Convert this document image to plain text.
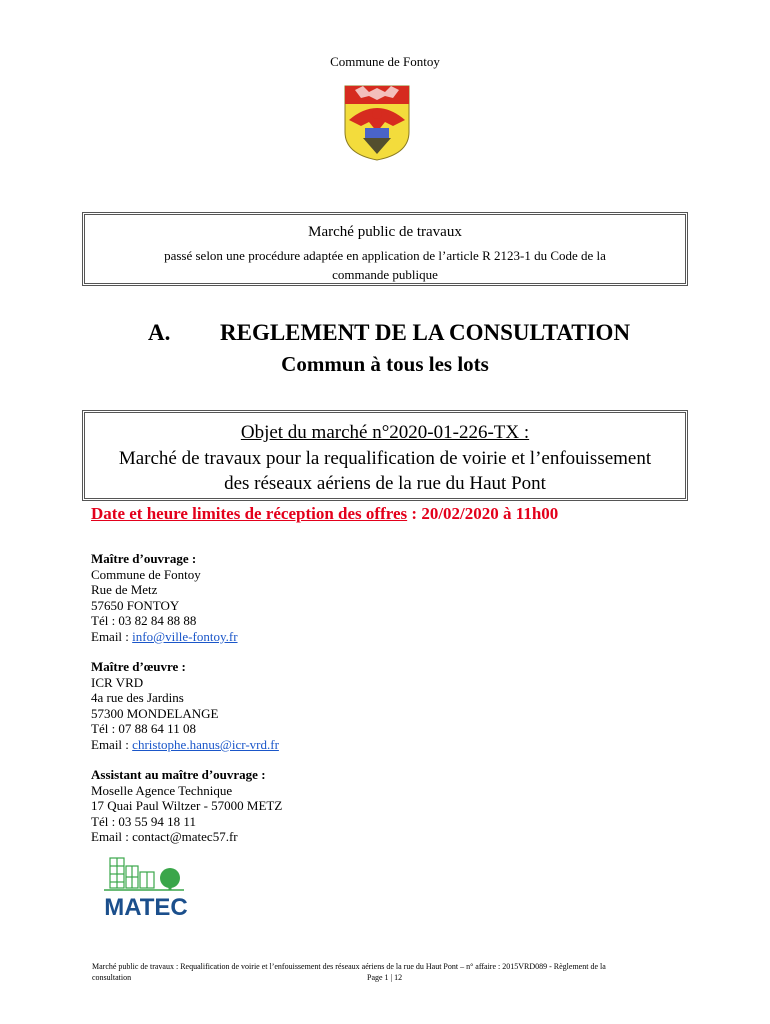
Commune de Fontoy
Marché public de travaux
passé selon une procédure adaptée en application de l’article R 2123-1 du Code de la
commande publique
A. REGLEMENT DE LA CONSULTATION
Commun à tous les lots
Objet du marché n°2020-01-226-TX :
Marché de travaux pour la requalification de voirie et l’enfouissement
des réseaux aériens de la rue du Haut Pont
Date et heure limites de réception des offres : 20/02/2020 à 11h00
Maître d’ouvrage :
Commune de Fontoy
Rue de Metz
57650 FONTOY
Tél : 03 82 84 88 88
Email : info@ville-fontoy.fr
Maître d’œuvre :
ICR VRD
4a rue des Jardins
57300 MONDELANGE
Tél : 07 88 64 11 08
Email : christophe.hanus@icr-vrd.fr
Assistant au maître d’ouvrage :
Moselle Agence Technique
17 Quai Paul Wiltzer - 57000 METZ
Tél : 03 55 94 18 11
Email : contact@matec57.fr
MATEC
Marché public de travaux : Requalification de voirie et l’enfouissement des réseaux aériens de la rue du Haut Pont – n° affaire : 2015VRD089 - Règlement de la
consultation	Page 1 | 12
